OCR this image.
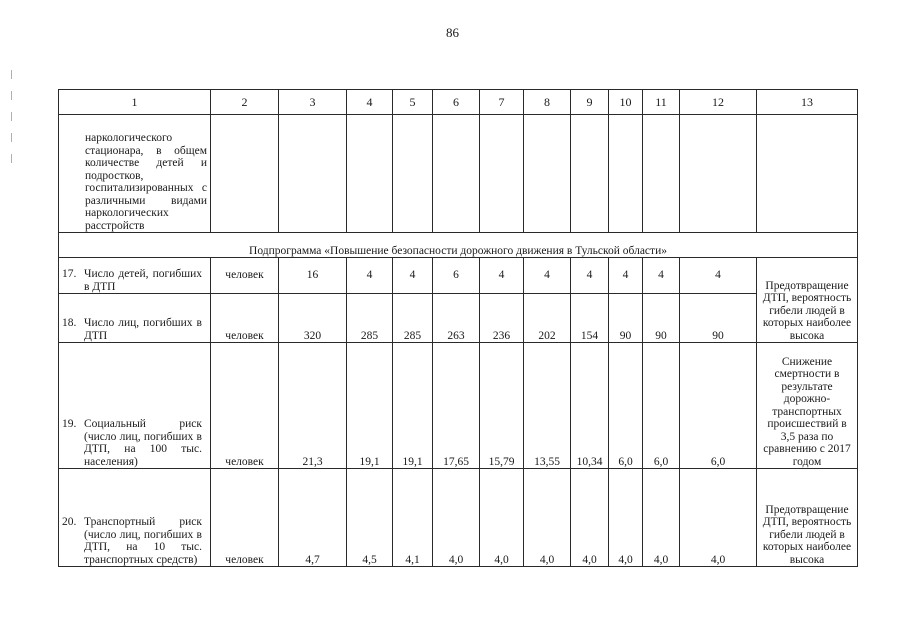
86
1	2	3	4	5	6	7	8	9	10	11	12	13

наркологического стационара, в общем количестве детей и подростков, госпитализированных с различными видами наркологических расстройств												

Подпрограмма «Повышение безопасности дорожного движения в Тульской области»												
17. Число детей, погибших в ДТП	человек	16	4	4	6	4	4	4	4	4	4	Предотвращение ДТП, вероятность гибели людей в которых наиболее высока
18. Число лиц, погибших в ДТП	человек	320	285	285	263	236	202	154	90	90	90	
19. Социальный риск (число лиц, погибших в ДТП, на 100 тыс. населения)	человек	21,3	19,1	19,1	17,65	15,79	13,55	10,34	6,0	6,0	6,0	Снижение смертности в результате дорожно-транспортных происшествий в 3,5 раза по сравнению с 2017 годом
20. Транспортный риск (число лиц, погибших в ДТП, на 10 тыс. транспортных средств)	человек	4,7	4,5	4,1	4,0	4,0	4,0	4,0	4,0	4,0	4,0	Предотвращение ДТП, вероятность гибели людей в которых наиболее высока
